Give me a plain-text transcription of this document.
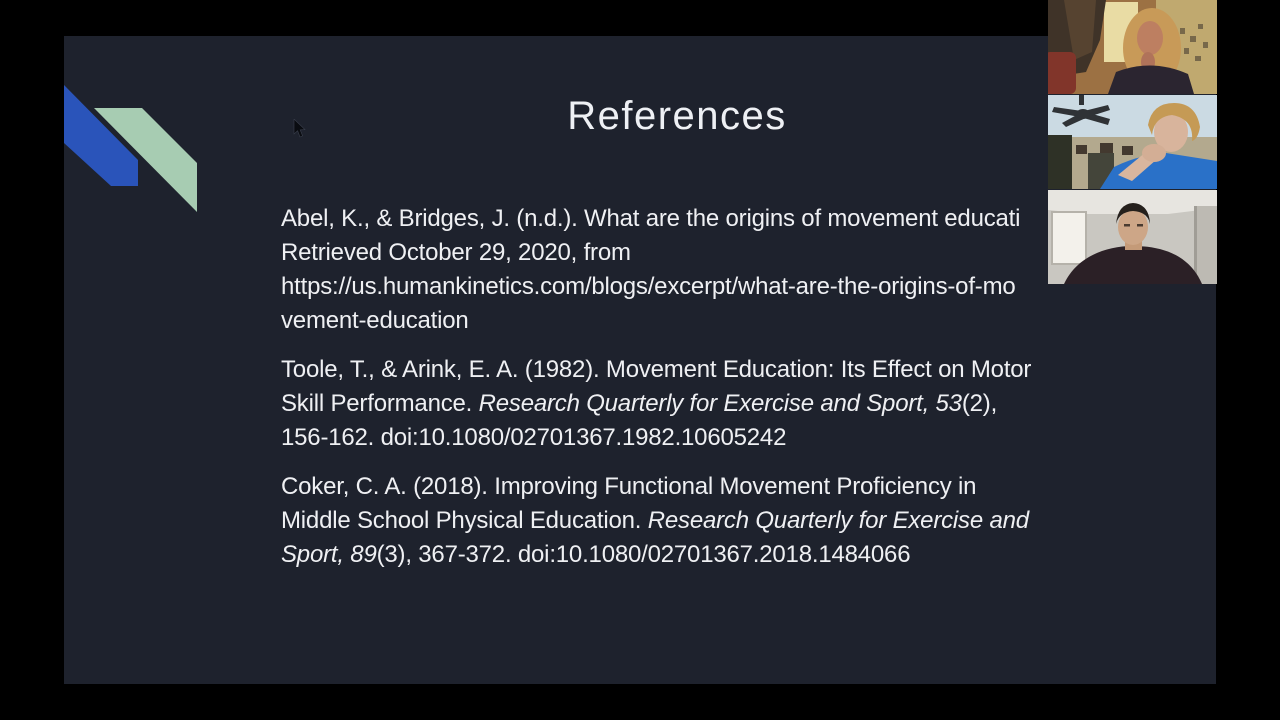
References

Abel, K., & Bridges, J. (n.d.). What are the origins of movement educati
Retrieved October 29, 2020, from
https://us.humankinetics.com/blogs/excerpt/what-are-the-origins-of-mo
vement-education

Toole, T., & Arink, E. A. (1982). Movement Education: Its Effect on Motor
Skill Performance. Research Quarterly for Exercise and Sport, 53(2),
156-162. doi:10.1080/02701367.1982.10605242

Coker, C. A. (2018). Improving Functional Movement Proficiency in
Middle School Physical Education. Research Quarterly for Exercise and
Sport, 89(3), 367-372. doi:10.1080/02701367.2018.1484066
